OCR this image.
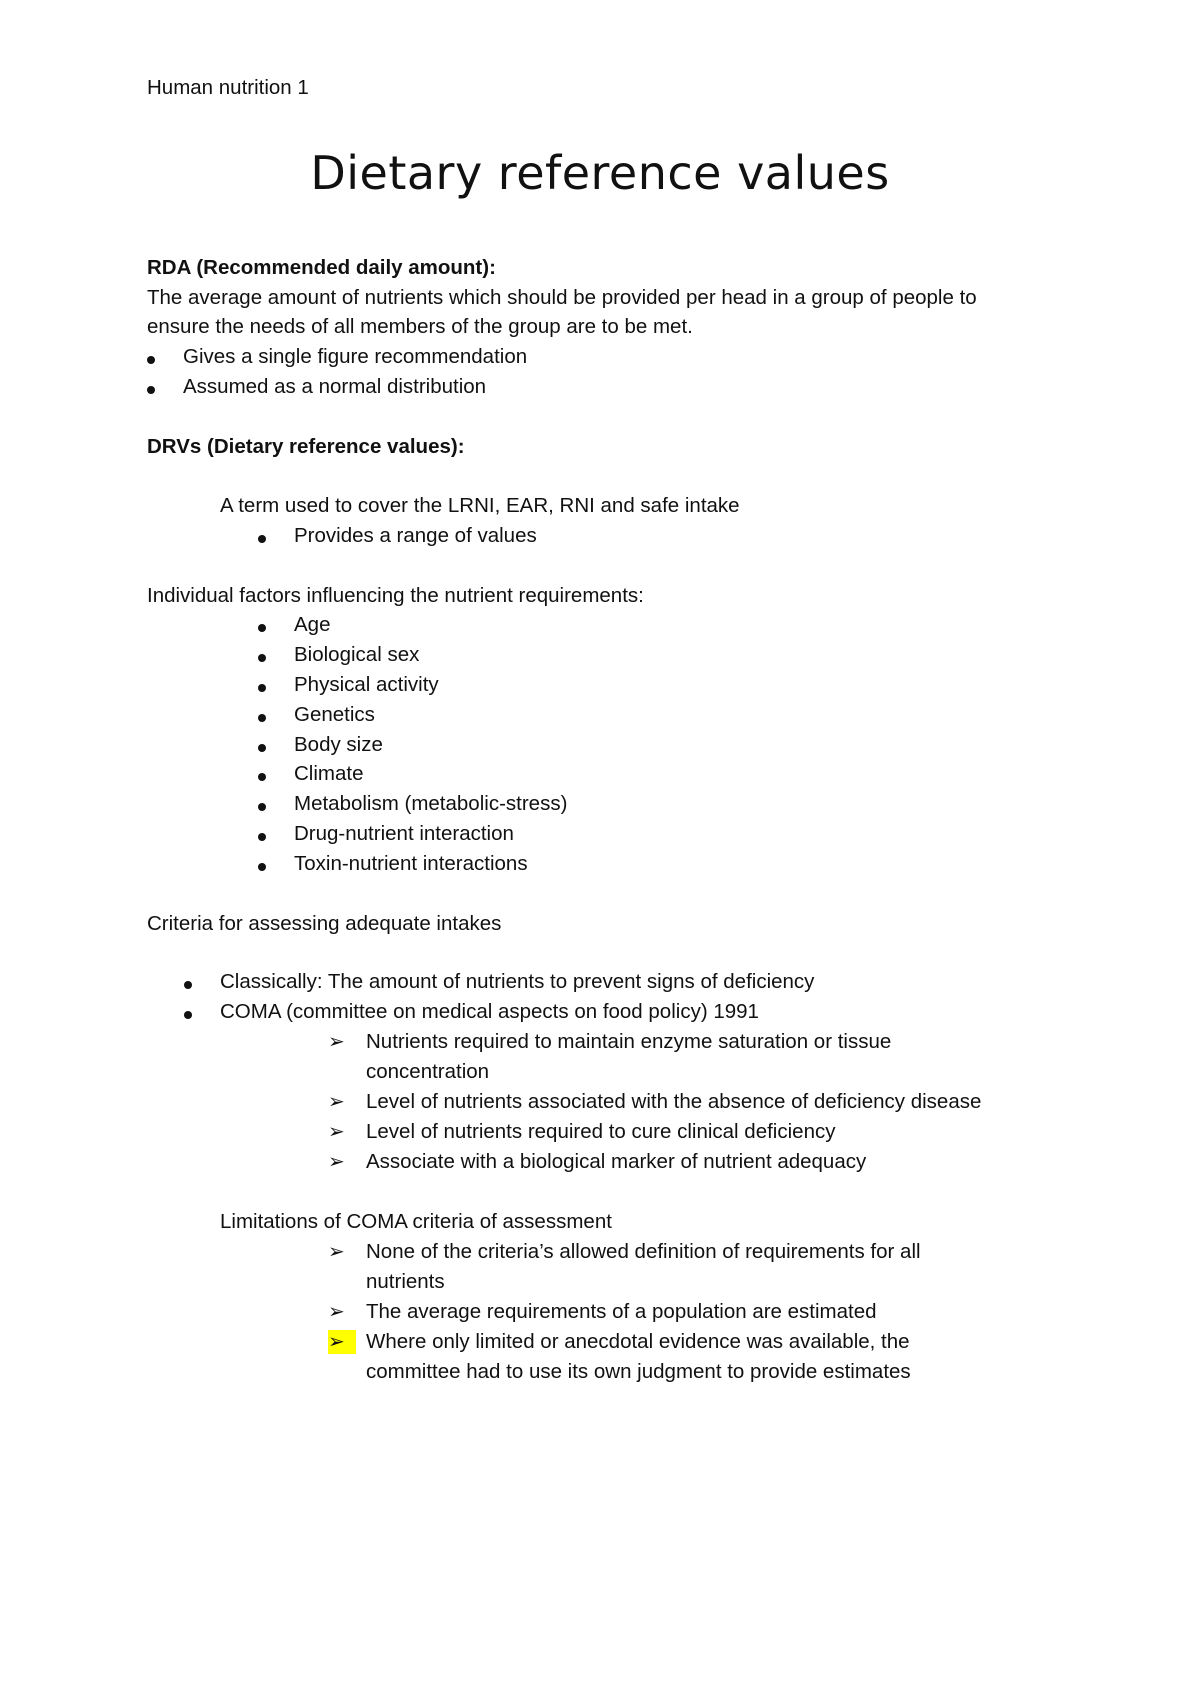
Human nutrition 1
Dietary reference values
RDA (Recommended daily amount):
The average amount of nutrients which should be provided per head in a group of people to
ensure the needs of all members of the group are to be met.
Gives a single figure recommendation
Assumed as a normal distribution
DRVs (Dietary reference values):
A term used to cover the LRNI, EAR, RNI and safe intake
Provides a range of values
Individual factors influencing the nutrient requirements:
Age
Biological sex
Physical activity
Genetics
Body size
Climate
Metabolism (metabolic-stress)
Drug-nutrient interaction
Toxin-nutrient interactions
Criteria for assessing adequate intakes
Classically: The amount of nutrients to prevent signs of deficiency
COMA (committee on medical aspects on food policy) 1991
➢	Nutrients required to maintain enzyme saturation or tissue
concentration
➢	Level of nutrients associated with the absence of deficiency disease
➢	Level of nutrients required to cure clinical deficiency
➢	Associate with a biological marker of nutrient adequacy
Limitations of COMA criteria of assessment
➢	None of the criteria’s allowed definition of requirements for all
nutrients
➢	The average requirements of a population are estimated
➢	Where only limited or anecdotal evidence was available, the
committee had to use its own judgment to provide estimates
